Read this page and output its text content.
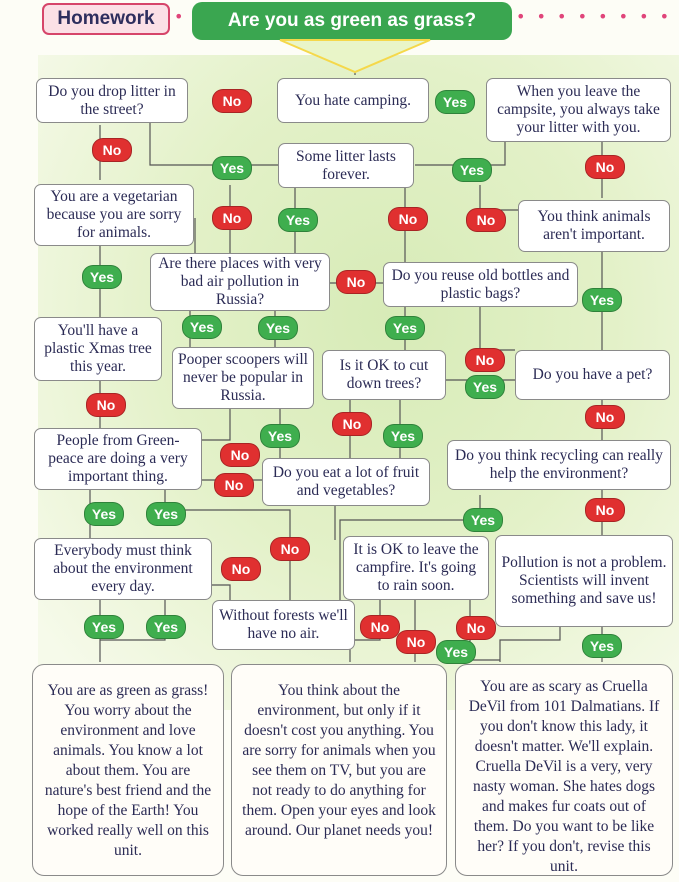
Homework	•	Are you as green as grass?	• • • • • • • •
You hate camping.
Do you drop litter in the street?
When you leave the campsite, you always take your litter with you.
Some litter lasts forever.
You are a vegetarian because you are sorry for animals.
You think animals aren't important.
Are there places with very bad air pollution in Russia?
Do you reuse old bottles and plastic bags?
You'll have a plastic Xmas tree this year.	Pooper scoopers will never be popular in Russia.
Is it OK to cut down trees?
Do you have a pet?
People from Green-peace are doing a very important thing.	Do you eat a lot of fruit and vegetables?
Do you think recycling can really help the environment?
Everybody must think about the environment every day.
It is OK to leave the campfire. It's going to rain soon.
Pollution is not a problem. Scientists will invent something and save us!
Without forests we'll have no air.
No	Yes
No
Yes	Yes	No
No	Yes	No	No
Yes	No
Yes
Yes	Yes	Yes
No
Yes
No
No
No
Yes	Yes
No
No
Yes	Yes	No
Yes
No
No
Yes	Yes	No
No
No
Yes	Yes
You are as green as grass! You worry about the environment and love animals. You know a lot about them. You are nature's best friend and the hope of the Earth! You worked really well on this unit.
You think about the environment, but only if it doesn't cost you anything. You are sorry for animals when you see them on TV, but you are not ready to do anything for them. Open your eyes and look around. Our planet needs you!
You are as scary as Cruella DeVil from 101 Dalmatians. If you don't know this lady, it doesn't matter. We'll explain. Cruella DeVil is a very, very nasty woman. She hates dogs and makes fur coats out of them. Do you want to be like her? If you don't, revise this unit.
